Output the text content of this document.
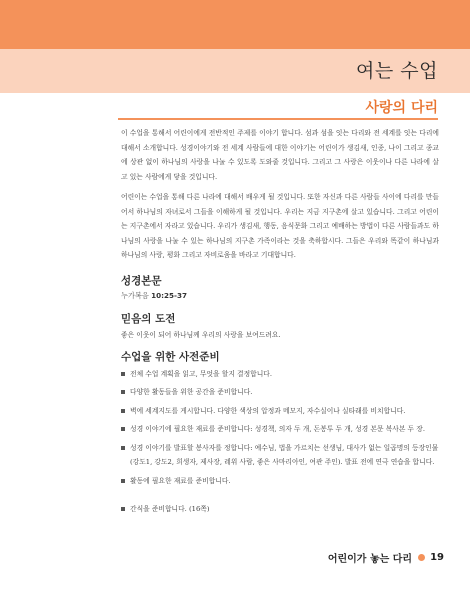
여는 수업
사랑의 다리

이 수업을 통해서 어린이에게 전반적인 주제를 이야기 합니다. 섬과 섬을 잇는 다리와 전 세계를 잇는 다리에 대해서 소개합니다. 성경이야기와 전 세계 사람들에 대한 이야기는 어린이가 생김새, 인종, 나이 그리고 종교에 상관 없이 하나님의 사랑을 나눌 수 있도록 도와줄 것입니다. 그리고 그 사랑은 이웃이나 다른 나라에 살고 있는 사람에게 닿을 것입니다.

어린이는 수업을 통해 다른 나라에 대해서 배우게 될 것입니다. 또한 자신과 다른 사람들 사이에 다리를 만들어서 하나님의 자녀로서 그들을 이해하게 될 것입니다. 우리는 지금 지구촌에 살고 있습니다. 그리고 어린이는 지구촌에서 자라고 있습니다. 우리가 생김새, 행동, 음식문화 그리고 예배하는 방법이 다른 사람들과도 하나님의 사랑을 나눌 수 있는 하나님의 지구촌 가족이라는 것을 축하합시다. 그들은 우리와 똑같이 하나님과 하나님의 사랑, 평화 그리고 자비로움을 바라고 기대합니다.

성경본문
누가복음 10:25-37
믿음의 도전

좋은 이웃이 되어 하나님께 우리의 사랑을 보여드려요.

수업을 위한 사전준비
전체 수업 계획을 읽고, 무엇을 할지 결정합니다.
다양한 활동들을 위한 공간을 준비합니다.
벽에 세계지도를 게시합니다. 다양한 색상의 압정과 메모지, 자수실이나 실타래를 비치합니다.
성경 이야기에 필요한 재료를 준비합니다: 성경책, 의자 두 개, 돈봉투 두 개, 성경 본문 복사본 두 장.
성경 이야기를 발표할 봉사자를 정합니다: 예수님, 법을 가르치는 선생님, 대사가 없는 일곱명의 등장인물 (강도1, 강도2, 희생자, 제사장, 레위 사람, 좋은 사마리아인, 여관 주인). 발표 전에 연극 연습을 합니다.
활동에 필요한 재료를 준비합니다.
간식을 준비합니다. (16쪽)
어린이가 놓는 다리 19
